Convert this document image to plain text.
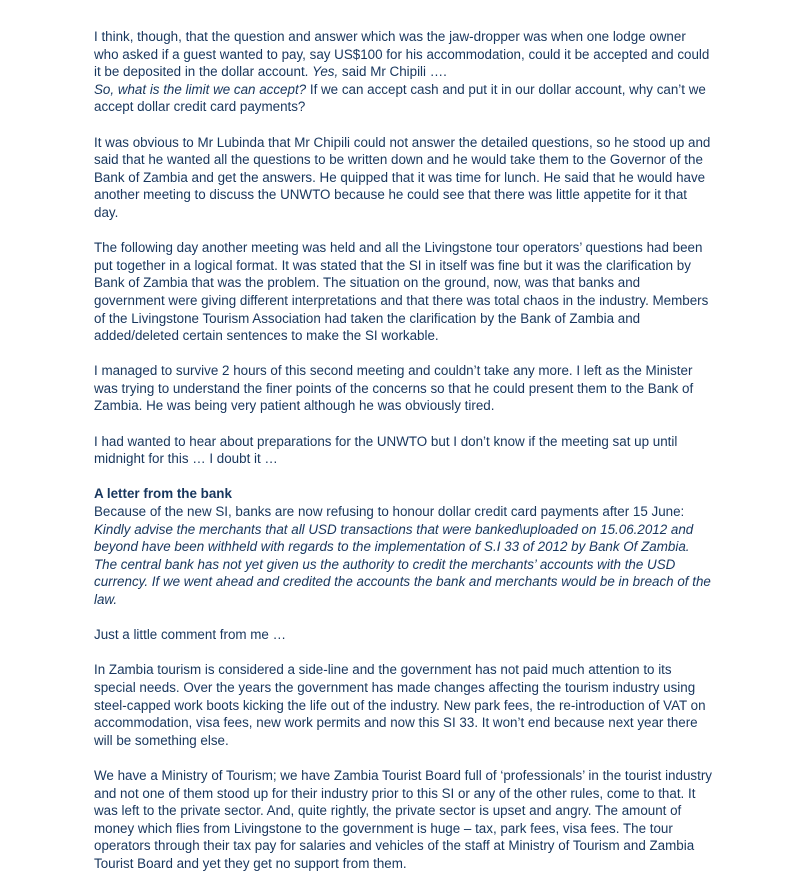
I think, though, that the question and answer which was the jaw-dropper was when one lodge owner who asked if a guest wanted to pay, say US$100 for his accommodation, could it be accepted and could it be deposited in the dollar account. Yes, said Mr Chipili ….

So, what is the limit we can accept? If we can accept cash and put it in our dollar account, why can’t we accept dollar credit card payments?

It was obvious to Mr Lubinda that Mr Chipili could not answer the detailed questions, so he stood up and said that he wanted all the questions to be written down and he would take them to the Governor of the Bank of Zambia and get the answers. He quipped that it was time for lunch. He said that he would have another meeting to discuss the UNWTO because he could see that there was little appetite for it that day.

The following day another meeting was held and all the Livingstone tour operators’ questions had been put together in a logical format. It was stated that the SI in itself was fine but it was the clarification by Bank of Zambia that was the problem. The situation on the ground, now, was that banks and government were giving different interpretations and that there was total chaos in the industry. Members of the Livingstone Tourism Association had taken the clarification by the Bank of Zambia and added/deleted certain sentences to make the SI workable.

I managed to survive 2 hours of this second meeting and couldn’t take any more. I left as the Minister was trying to understand the finer points of the concerns so that he could present them to the Bank of Zambia. He was being very patient although he was obviously tired.

I had wanted to hear about preparations for the UNWTO but I don’t know if the meeting sat up until midnight for this … I doubt it …

A letter from the bank

Because of the new SI, banks are now refusing to honour dollar credit card payments after 15 June:

Kindly advise the merchants that all USD transactions that were banked\uploaded on 15.06.2012 and beyond have been withheld with regards to the implementation of S.I 33 of 2012 by Bank Of Zambia. The central bank has not yet given us the authority to credit the merchants’ accounts with the USD currency. If we went ahead and credited the accounts the bank and merchants would be in breach of the law.

Just a little comment from me …

In Zambia tourism is considered a side-line and the government has not paid much attention to its special needs. Over the years the government has made changes affecting the tourism industry using steel-capped work boots kicking the life out of the industry. New park fees, the re-introduction of VAT on accommodation, visa fees, new work permits and now this SI 33. It won’t end because next year there will be something else.

We have a Ministry of Tourism; we have Zambia Tourist Board full of ‘professionals’ in the tourist industry and not one of them stood up for their industry prior to this SI or any of the other rules, come to that. It was left to the private sector. And, quite rightly, the private sector is upset and angry. The amount of money which flies from Livingstone to the government is huge – tax, park fees, visa fees. The tour operators through their tax pay for salaries and vehicles of the staff at Ministry of Tourism and Zambia Tourist Board and yet they get no support from them.
